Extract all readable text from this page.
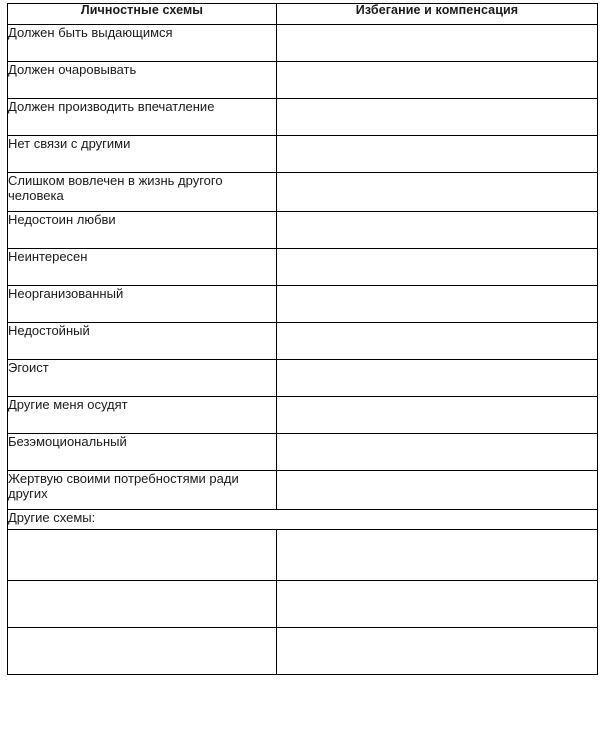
Личностные схемы	Избегание и компенсация
Должен быть выдающимся	
Должен очаровывать	
Должен производить впечатление	
Нет связи с другими	
Слишком вовлечен в жизнь другого человека	
Недостоин любви	
Неинтересен	
Неорганизованный	
Недостойный	
Эгоист	
Другие меня осудят	
Безэмоциональный	
Жертвую своими потребностями ради других	
Другие схемы:	
